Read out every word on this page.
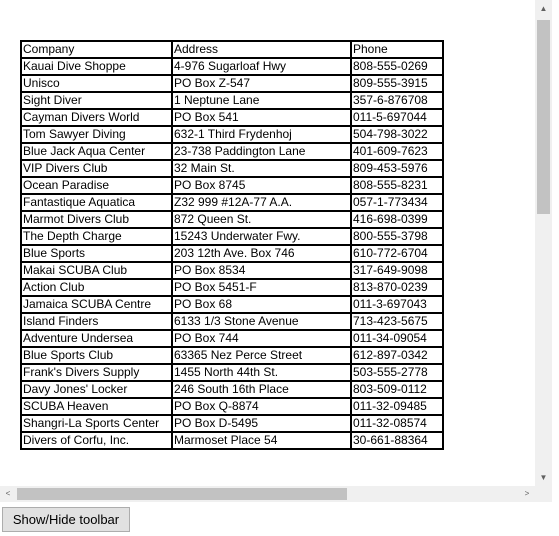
Company	Address	Phone
Kauai Dive Shoppe	4-976 Sugarloaf Hwy	808-555-0269
Unisco	PO Box Z-547	809-555-3915
Sight Diver	1 Neptune Lane	357-6-876708
Cayman Divers World	PO Box 541	011-5-697044
Tom Sawyer Diving	632-1 Third Frydenhoj	504-798-3022
Blue Jack Aqua Center	23-738 Paddington Lane	401-609-7623
VIP Divers Club	32 Main St.	809-453-5976
Ocean Paradise	PO Box 8745	808-555-8231
Fantastique Aquatica	Z32 999 #12A-77 A.A.	057-1-773434
Marmot Divers Club	872 Queen St.	416-698-0399
The Depth Charge	15243 Underwater Fwy.	800-555-3798
Blue Sports	203 12th Ave. Box 746	610-772-6704
Makai SCUBA Club	PO Box 8534	317-649-9098
Action Club	PO Box 5451-F	813-870-0239
Jamaica SCUBA Centre	PO Box 68	011-3-697043
Island Finders	6133 1/3 Stone Avenue	713-423-5675
Adventure Undersea	PO Box 744	011-34-09054
Blue Sports Club	63365 Nez Perce Street	612-897-0342
Frank's Divers Supply	1455 North 44th St.	503-555-2778
Davy Jones' Locker	246 South 16th Place	803-509-0112
SCUBA Heaven	PO Box Q-8874	011-32-09485
Shangri-La Sports Center	PO Box D-5495	011-32-08574
Divers of Corfu, Inc.	Marmoset Place 54	30-661-88364
▲
▼
<	>
Show/Hide toolbar
